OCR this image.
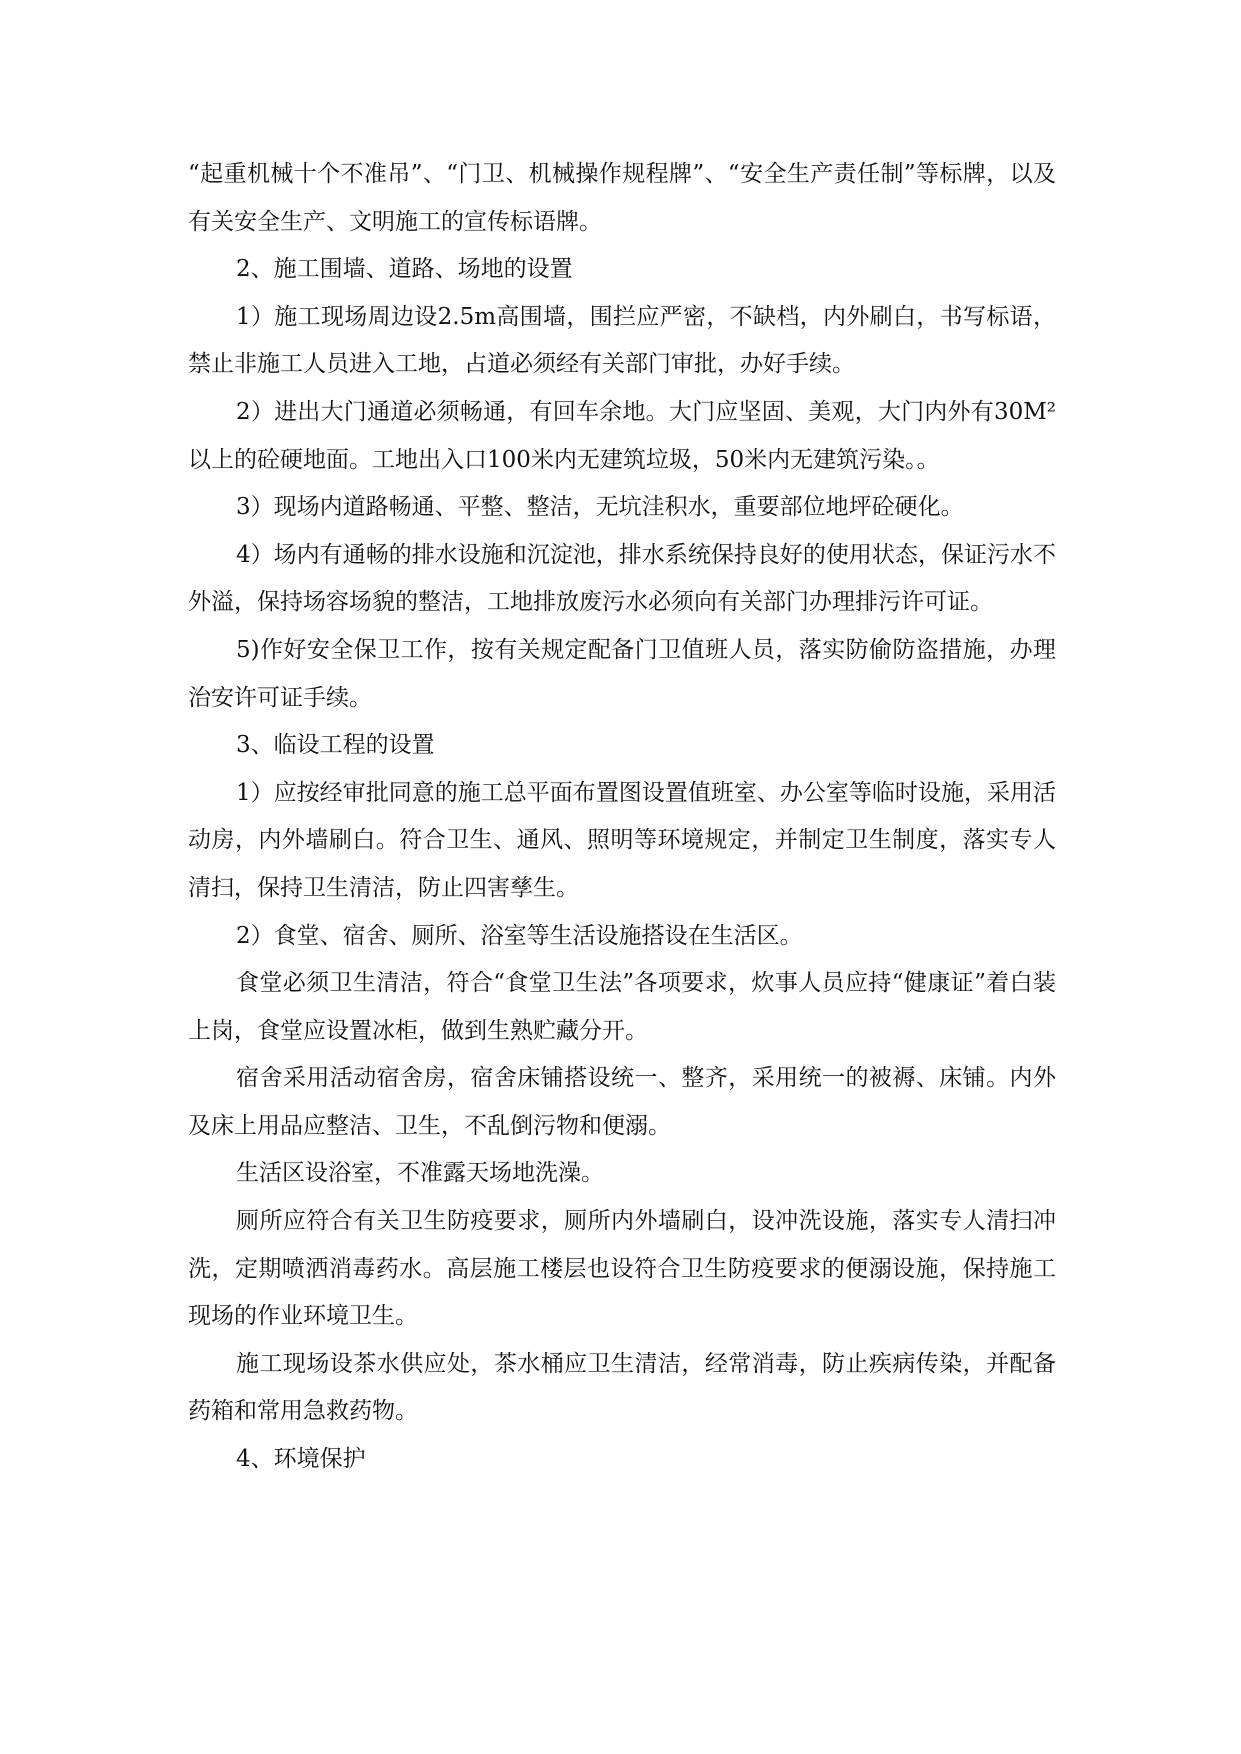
“起重机械十个不准吊”、“门卫、机械操作规程牌”、“安全生产责任制”等标牌，以及有关安全生产、文明施工的宣传标语牌。

2、施工围墙、道路、场地的设置

1）施工现场周边设2.5m高围墙，围拦应严密，不缺档，内外刷白，书写标语，禁止非施工人员进入工地，占道必须经有关部门审批，办好手续。

2）进出大门通道必须畅通，有回车余地。大门应坚固、美观，大门内外有30M²以上的砼硬地面。工地出入口100米内无建筑垃圾，50米内无建筑污染。。

3）现场内道路畅通、平整、整洁，无坑洼积水，重要部位地坪砼硬化。

4）场内有通畅的排水设施和沉淀池，排水系统保持良好的使用状态，保证污水不外溢，保持场容场貌的整洁，工地排放废污水必须向有关部门办理排污许可证。

5)作好安全保卫工作，按有关规定配备门卫值班人员，落实防偷防盗措施，办理治安许可证手续。

3、临设工程的设置

1）应按经审批同意的施工总平面布置图设置值班室、办公室等临时设施，采用活动房，内外墙刷白。符合卫生、通风、照明等环境规定，并制定卫生制度，落实专人清扫，保持卫生清洁，防止四害孳生。

2）食堂、宿舍、厕所、浴室等生活设施搭设在生活区。

食堂必须卫生清洁，符合“食堂卫生法”各项要求，炊事人员应持“健康证”着白装上岗，食堂应设置冰柜，做到生熟贮藏分开。

宿舍采用活动宿舍房，宿舍床铺搭设统一、整齐，采用统一的被褥、床铺。内外及床上用品应整洁、卫生，不乱倒污物和便溺。

生活区设浴室，不准露天场地洗澡。

厕所应符合有关卫生防疫要求，厕所内外墙刷白，设冲洗设施，落实专人清扫冲洗，定期喷洒消毒药水。高层施工楼层也设符合卫生防疫要求的便溺设施，保持施工现场的作业环境卫生。

施工现场设茶水供应处，茶水桶应卫生清洁，经常消毒，防止疾病传染，并配备药箱和常用急救药物。

4、环境保护
